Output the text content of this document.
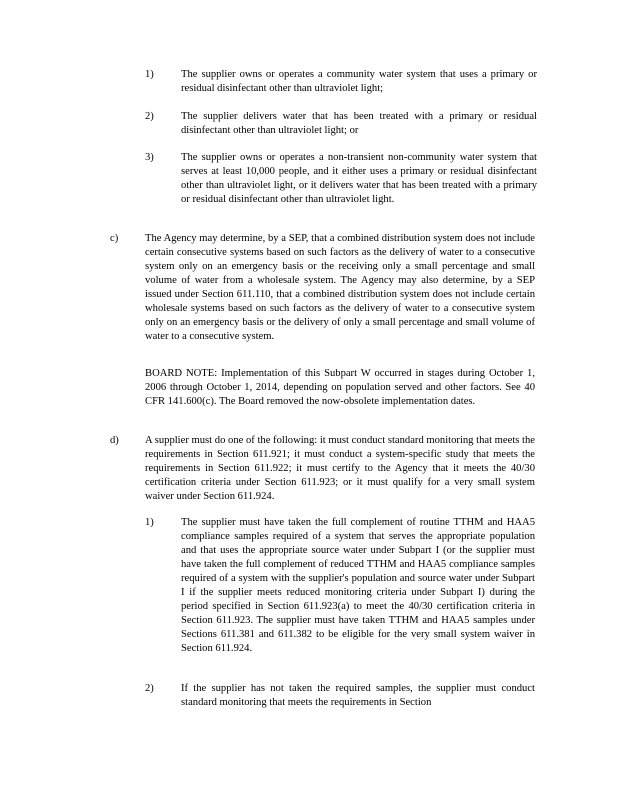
1)	The supplier owns or operates a community water system that uses a primary or residual disinfectant other than ultraviolet light;

2)	The supplier delivers water that has been treated with a primary or residual disinfectant other than ultraviolet light; or

3)	The supplier owns or operates a non-transient non-community water system that serves at least 10,000 people, and it either uses a primary or residual disinfectant other than ultraviolet light, or it delivers water that has been treated with a primary or residual disinfectant other than ultraviolet light.

c)	The Agency may determine, by a SEP, that a combined distribution system does not include certain consecutive systems based on such factors as the delivery of water to a consecutive system only on an emergency basis or the receiving only a small percentage and small volume of water from a wholesale system. The Agency may also determine, by a SEP issued under Section 611.110, that a combined distribution system does not include certain wholesale systems based on such factors as the delivery of water to a consecutive system only on an emergency basis or the delivery of only a small percentage and small volume of water to a consecutive system.

BOARD NOTE: Implementation of this Subpart W occurred in stages during October 1, 2006 through October 1, 2014, depending on population served and other factors. See 40 CFR 141.600(c). The Board removed the now-obsolete implementation dates.

d) A supplier must do one of the following: it must conduct standard monitoring that meets the requirements in Section 611.921; it must conduct a system-specific study that meets the requirements in Section 611.922; it must certify to the Agency that it meets the 40/30 certification criteria under Section 611.923; or it must qualify for a very small system waiver under Section 611.924.

1)	The supplier must have taken the full complement of routine TTHM and HAA5 compliance samples required of a system that serves the appropriate population and that uses the appropriate source water under Subpart I (or the supplier must have taken the full complement of reduced TTHM and HAA5 compliance samples required of a system with the supplier's population and source water under Subpart I if the supplier meets reduced monitoring criteria under Subpart I) during the period specified in Section 611.923(a) to meet the 40/30 certification criteria in Section 611.923. The supplier must have taken TTHM and HAA5 samples under Sections 611.381 and 611.382 to be eligible for the very small system waiver in Section 611.924.

2)	If the supplier has not taken the required samples, the supplier must conduct standard monitoring that meets the requirements in Section
